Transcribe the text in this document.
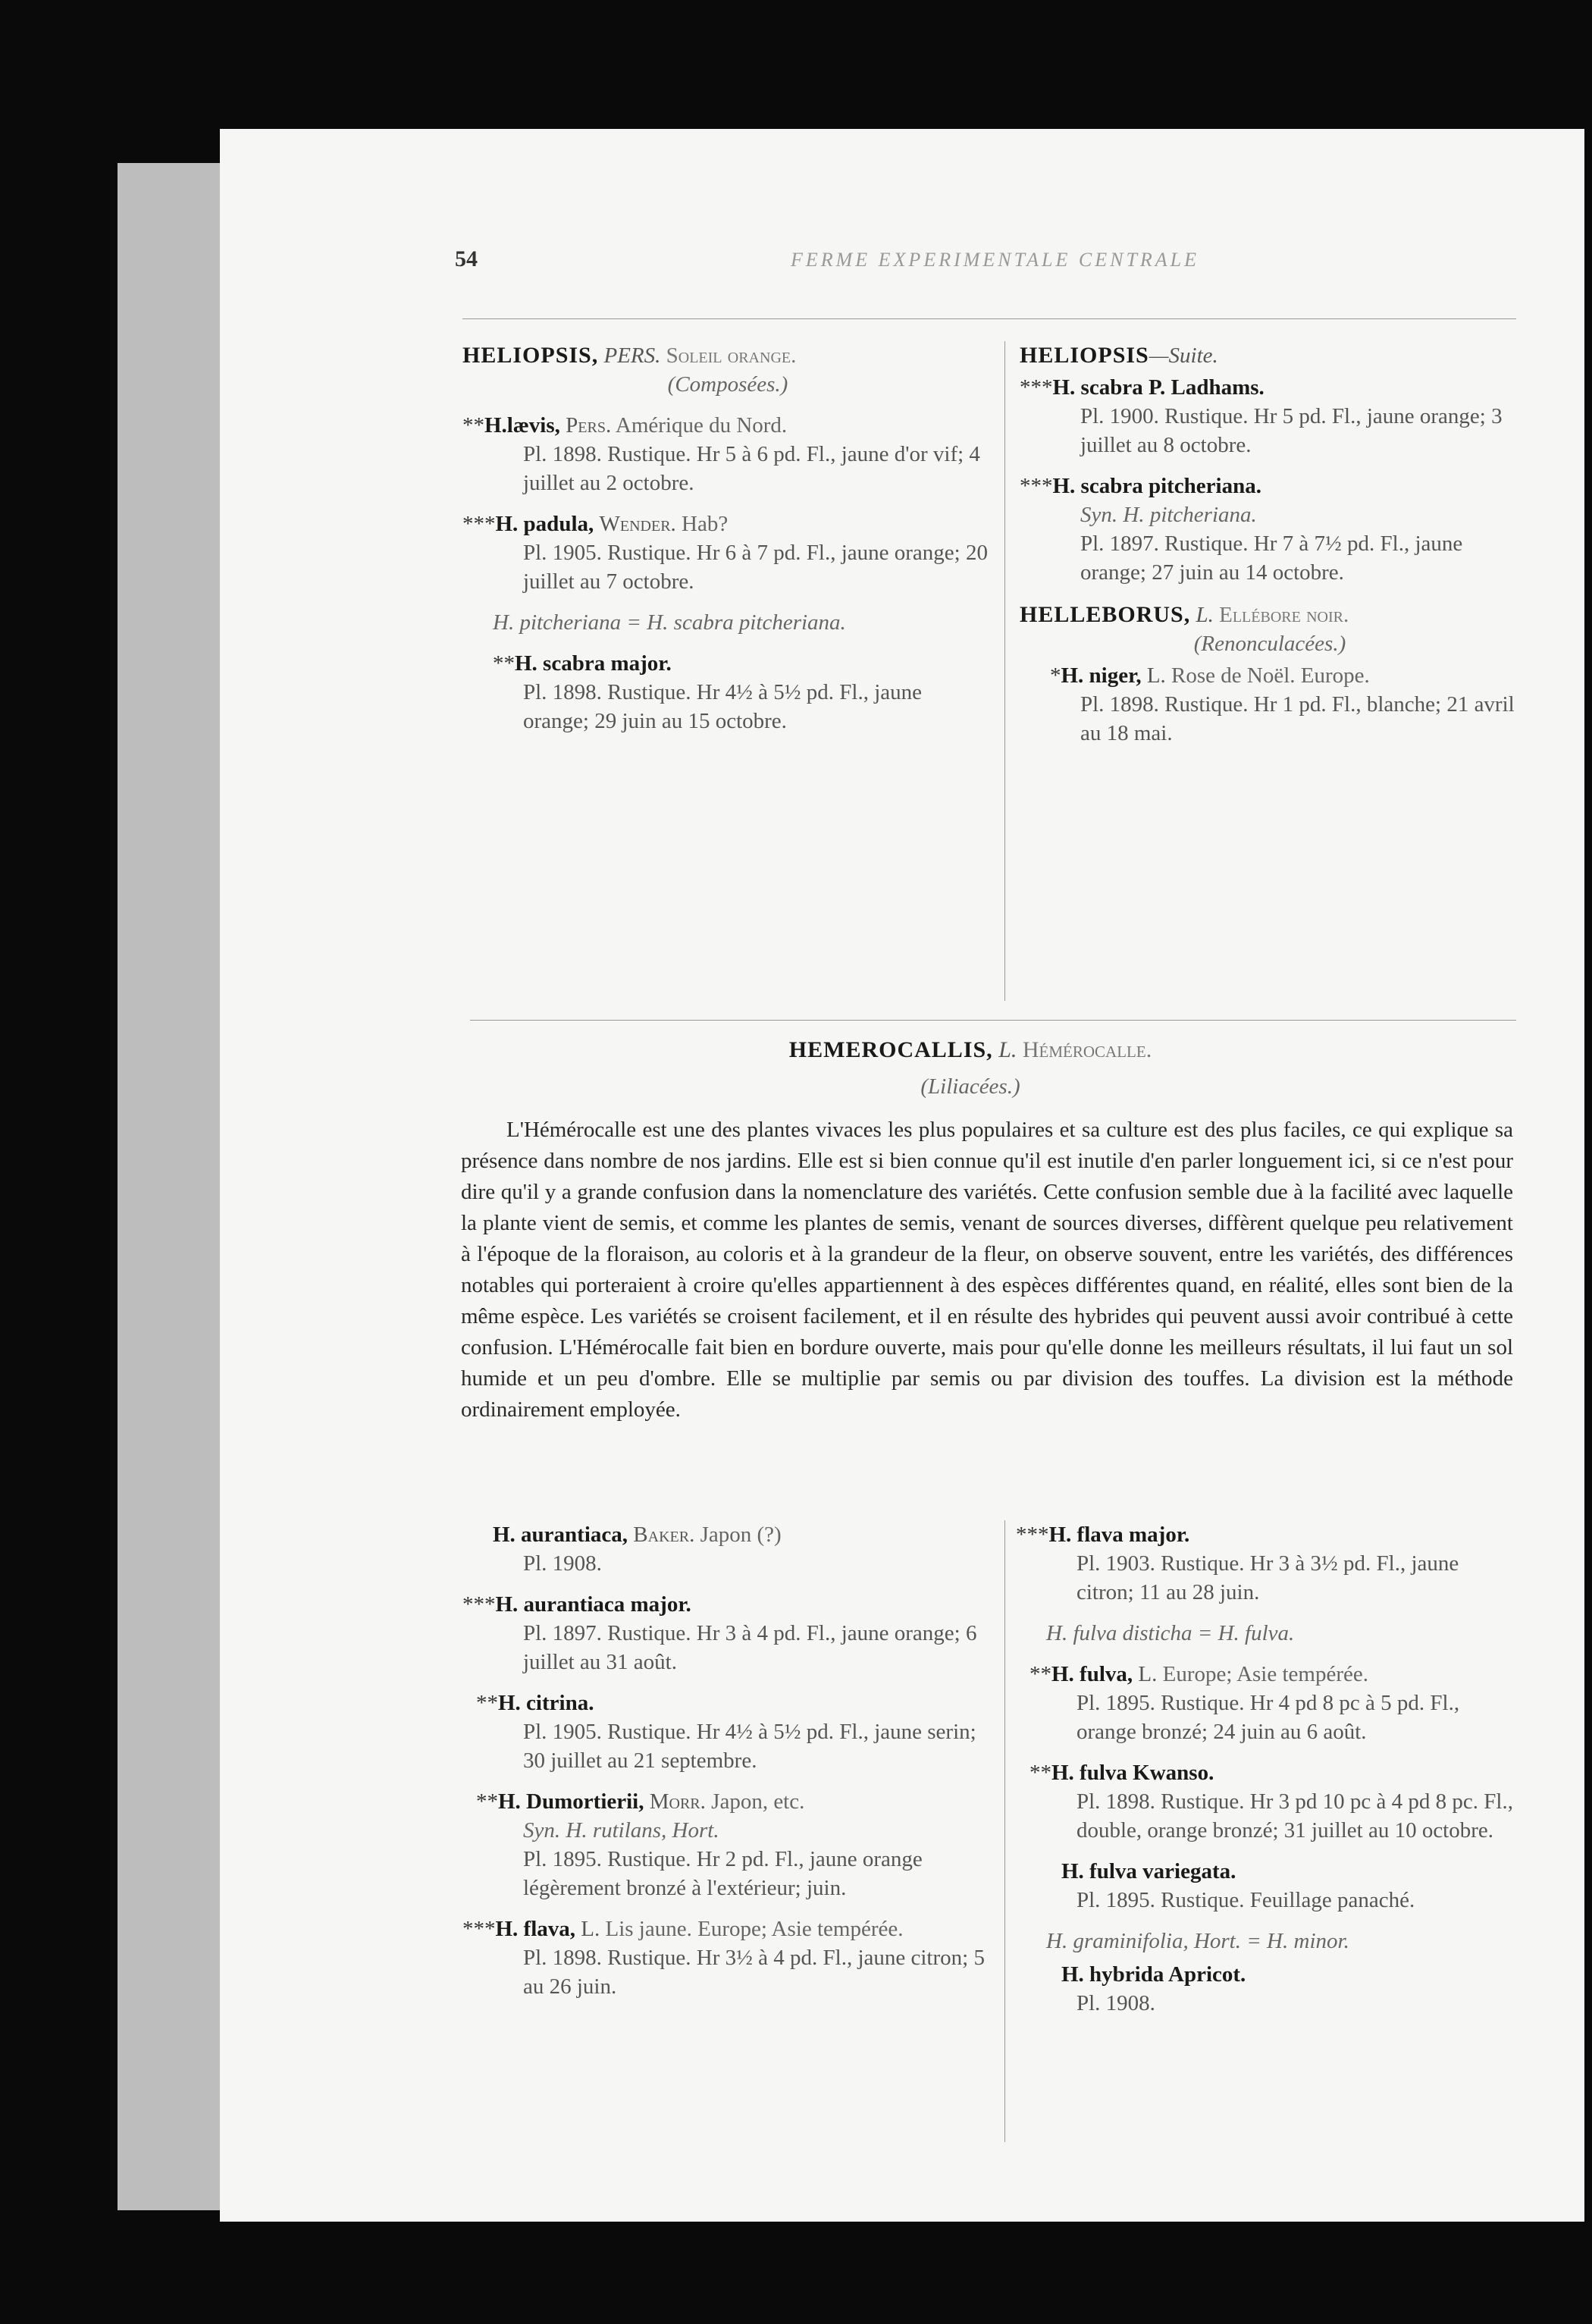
54	FERME EXPERIMENTALE CENTRALE
HELIOPSIS, PERS. Soleil orange.
(Composées.)
**H.lævis, Pers. Amérique du Nord.
Pl. 1898. Rustique. Hr 5 à 6 pd. Fl., jaune d'or vif; 4 juillet au 2 octobre.
***H. padula, Wender. Hab?
Pl. 1905. Rustique. Hr 6 à 7 pd. Fl., jaune orange; 20 juillet au 7 octobre.
H. pitcheriana = H. scabra pitcheriana.
**H. scabra major.
Pl. 1898. Rustique. Hr 4½ à 5½ pd. Fl., jaune orange; 29 juin au 15 octobre.
HELIOPSIS—Suite.
***H. scabra P. Ladhams.
Pl. 1900. Rustique. Hr 5 pd. Fl., jaune orange; 3 juillet au 8 octobre.
***H. scabra pitcheriana.
Syn. H. pitcheriana.
Pl. 1897. Rustique. Hr 7 à 7½ pd. Fl., jaune orange; 27 juin au 14 octobre.
HELLEBORUS, L. Ellébore noir.
(Renonculacées.)
*H. niger, L. Rose de Noël. Europe.
Pl. 1898. Rustique. Hr 1 pd. Fl., blanche; 21 avril au 18 mai.
HEMEROCALLIS, L. Hémérocalle.
(Liliacées.)
L'Hémérocalle est une des plantes vivaces les plus populaires et sa culture est des plus faciles, ce qui explique sa présence dans nombre de nos jardins. Elle est si bien connue qu'il est inutile d'en parler longuement ici, si ce n'est pour dire qu'il y a grande confusion dans la nomenclature des variétés. Cette confusion semble due à la facilité avec laquelle la plante vient de semis, et comme les plantes de semis, venant de sources diverses, diffèrent quelque peu relativement à l'époque de la floraison, au coloris et à la grandeur de la fleur, on observe souvent, entre les variétés, des différences notables qui porteraient à croire qu'elles appartiennent à des espèces différentes quand, en réalité, elles sont bien de la même espèce. Les variétés se croisent facilement, et il en résulte des hybrides qui peuvent aussi avoir contribué à cette confusion. L'Hémérocalle fait bien en bordure ouverte, mais pour qu'elle donne les meilleurs résultats, il lui faut un sol humide et un peu d'ombre. Elle se multiplie par semis ou par division des touffes. La division est la méthode ordinairement employée.
H. aurantiaca, Baker. Japon (?)
Pl. 1908.
***H. aurantiaca major.
Pl. 1897. Rustique. Hr 3 à 4 pd. Fl., jaune orange; 6 juillet au 31 août.
**H. citrina.
Pl. 1905. Rustique. Hr 4½ à 5½ pd. Fl., jaune serin; 30 juillet au 21 septembre.
**H. Dumortierii, Morr. Japon, etc.
Syn. H. rutilans, Hort.
Pl. 1895. Rustique. Hr 2 pd. Fl., jaune orange légèrement bronzé à l'extérieur; juin.
***H. flava, L. Lis jaune. Europe; Asie tempérée.
Pl. 1898. Rustique. Hr 3½ à 4 pd. Fl., jaune citron; 5 au 26 juin.
***H. flava major.
Pl. 1903. Rustique. Hr 3 à 3½ pd. Fl., jaune citron; 11 au 28 juin.
H. fulva disticha = H. fulva.
**H. fulva, L. Europe; Asie tempérée.
Pl. 1895. Rustique. Hr 4 pd 8 pc à 5 pd. Fl., orange bronzé; 24 juin au 6 août.
**H. fulva Kwanso.
Pl. 1898. Rustique. Hr 3 pd 10 pc à 4 pd 8 pc. Fl., double, orange bronzé; 31 juillet au 10 octobre.
H. fulva variegata.
Pl. 1895. Rustique. Feuillage panaché.
H. graminifolia, Hort. = H. minor.
H. hybrida Apricot.
Pl. 1908.
